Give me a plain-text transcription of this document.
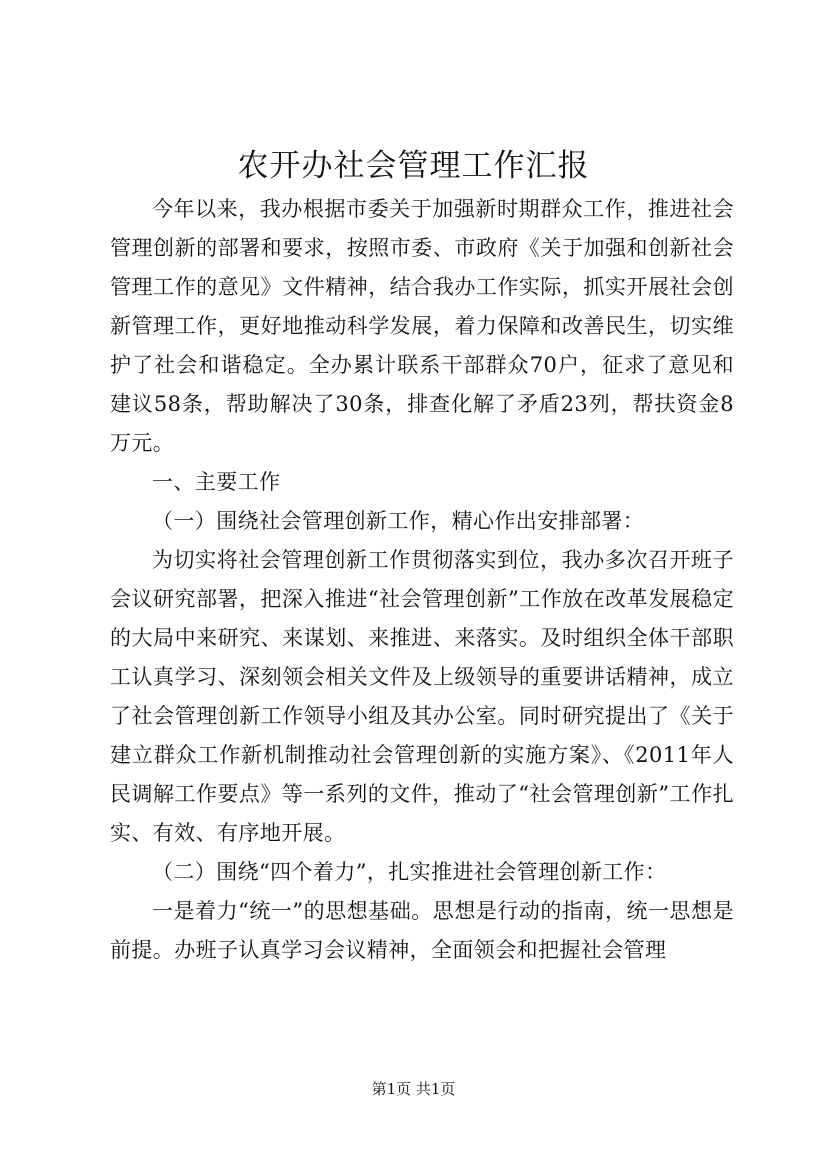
农开办社会管理工作汇报

今年以来，我办根据市委关于加强新时期群众工作，推进社会管理创新的部署和要求，按照市委、市政府《关于加强和创新社会管理工作的意见》文件精神，结合我办工作实际，抓实开展社会创新管理工作，更好地推动科学发展，着力保障和改善民生，切实维护了社会和谐稳定。全办累计联系干部群众70户，征求了意见和建议58条，帮助解决了30条，排查化解了矛盾23列，帮扶资金8万元。

一、主要工作

（一）围绕社会管理创新工作，精心作出安排部署：

为切实将社会管理创新工作贯彻落实到位，我办多次召开班子会议研究部署，把深入推进“社会管理创新”工作放在改革发展稳定的大局中来研究、来谋划、来推进、来落实。及时组织全体干部职工认真学习、深刻领会相关文件及上级领导的重要讲话精神，成立了社会管理创新工作领导小组及其办公室。同时研究提出了《关于建立群众工作新机制推动社会管理创新的实施方案》、《2011年人民调解工作要点》等一系列的文件，推动了“社会管理创新”工作扎实、有效、有序地开展。

（二）围绕“四个着力”，扎实推进社会管理创新工作：

一是着力“统一”的思想基础。思想是行动的指南，统一思想是前提。办班子认真学习会议精神，全面领会和把握社会管理

第1页 共1页
